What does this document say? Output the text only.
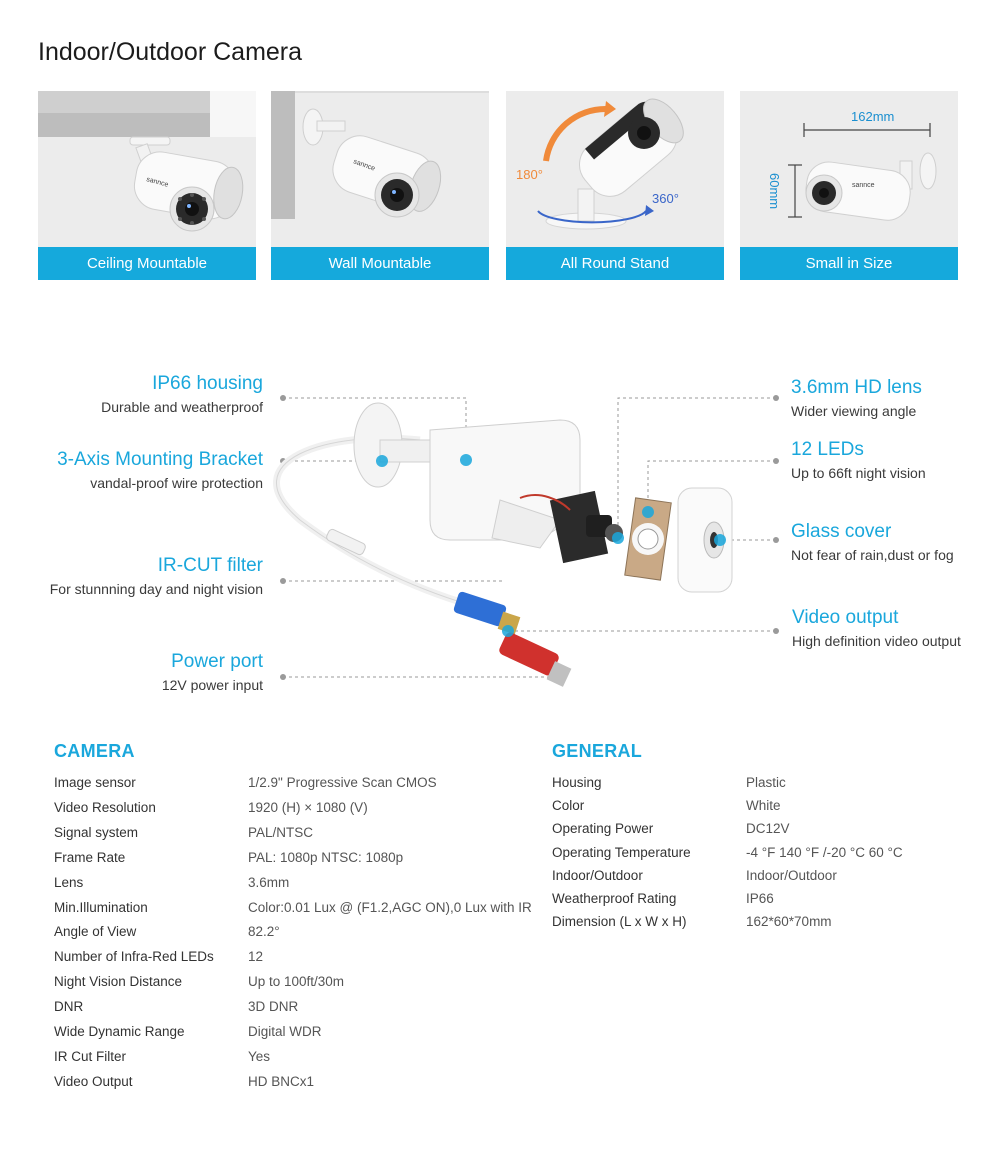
Indoor/Outdoor Camera
sannce
Ceiling Mountable
sannce
Wall Mountable
180°
360°
All Round Stand
162mm
60mm	sannce
Small in Size
IP66 housing
Durable and weatherproof
3-Axis Mounting Bracket
vandal-proof wire protection
IR-CUT filter
For stunnning day and night vision
Power port
12V power input
3.6mm HD lens
Wider viewing angle
12 LEDs
Up to 66ft night vision
Glass cover
Not fear of rain,dust or fog
Video output
High definition video output
CAMERA
Image sensor	1/2.9" Progressive Scan CMOS
Video Resolution	1920 (H) × 1080 (V)
Signal system	PAL/NTSC
Frame Rate	PAL: 1080p NTSC: 1080p
Lens	3.6mm
Min.Illumination	Color:0.01 Lux @ (F1.2,AGC ON),0 Lux with IR
Angle of View	82.2°
Number of Infra-Red LEDs	12
Night Vision Distance	Up to 100ft/30m
DNR	3D DNR
Wide Dynamic Range	Digital WDR
IR Cut Filter	Yes
Video Output	HD BNCx1
GENERAL
Housing	Plastic
Color	White
Operating Power	DC12V
Operating Temperature	-4 °F 140 °F /-20 °C 60 °C
Indoor/Outdoor	Indoor/Outdoor
Weatherproof Rating	IP66
Dimension (L x W x H)	162*60*70mm
